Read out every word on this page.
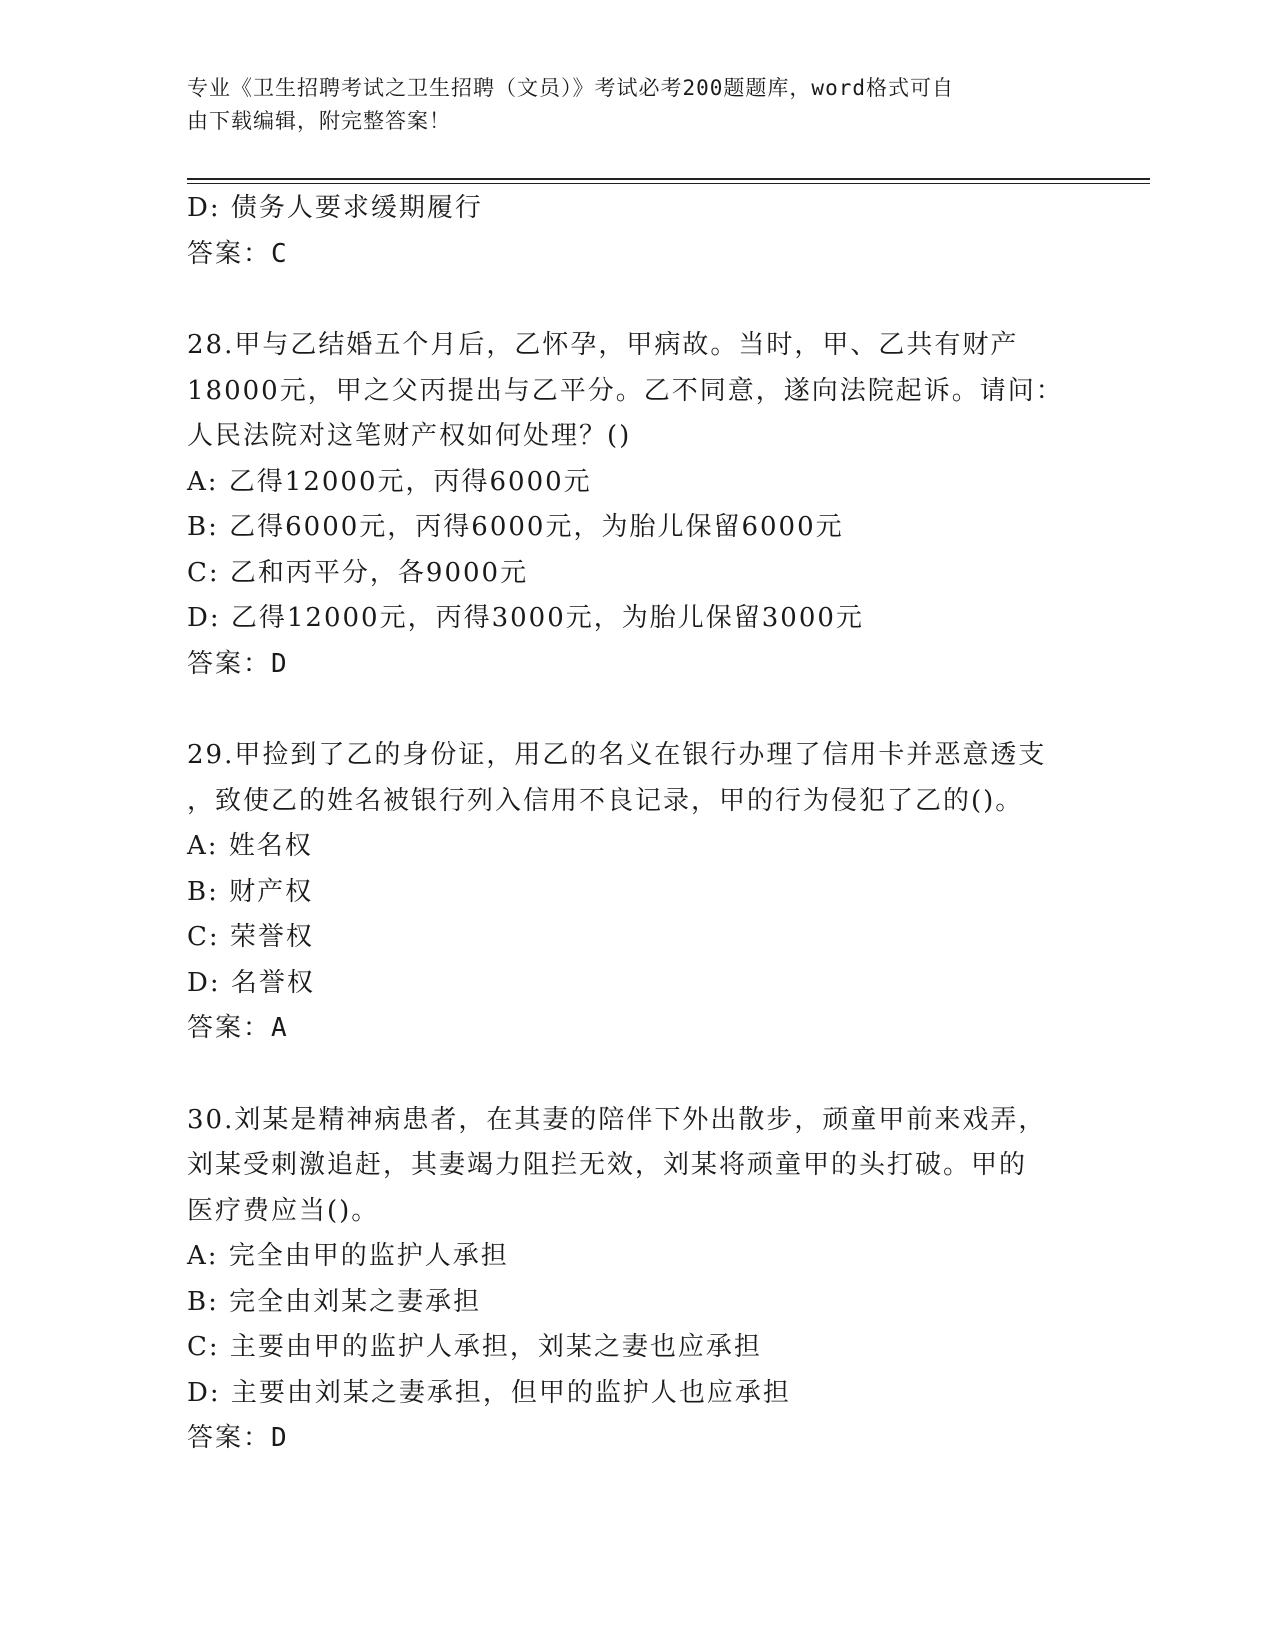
专业《卫生招聘考试之卫生招聘（文员）》考试必考200题题库，word格式可自
由下载编辑，附完整答案！
D: 债务人要求缓期履行
答案：C
28.甲与乙结婚五个月后，乙怀孕，甲病故。当时，甲、乙共有财产
18000元，甲之父丙提出与乙平分。乙不同意，遂向法院起诉。请问：
人民法院对这笔财产权如何处理？()
A: 乙得12000元，丙得6000元
B: 乙得6000元，丙得6000元，为胎儿保留6000元
C: 乙和丙平分，各9000元
D: 乙得12000元，丙得3000元，为胎儿保留3000元
答案：D
29.甲捡到了乙的身份证，用乙的名义在银行办理了信用卡并恶意透支
，致使乙的姓名被银行列入信用不良记录，甲的行为侵犯了乙的()。
A: 姓名权
B: 财产权
C: 荣誉权
D: 名誉权
答案：A
30.刘某是精神病患者，在其妻的陪伴下外出散步，顽童甲前来戏弄，
刘某受刺激追赶，其妻竭力阻拦无效，刘某将顽童甲的头打破。甲的
医疗费应当()。
A: 完全由甲的监护人承担
B: 完全由刘某之妻承担
C: 主要由甲的监护人承担，刘某之妻也应承担
D: 主要由刘某之妻承担，但甲的监护人也应承担
答案：D
